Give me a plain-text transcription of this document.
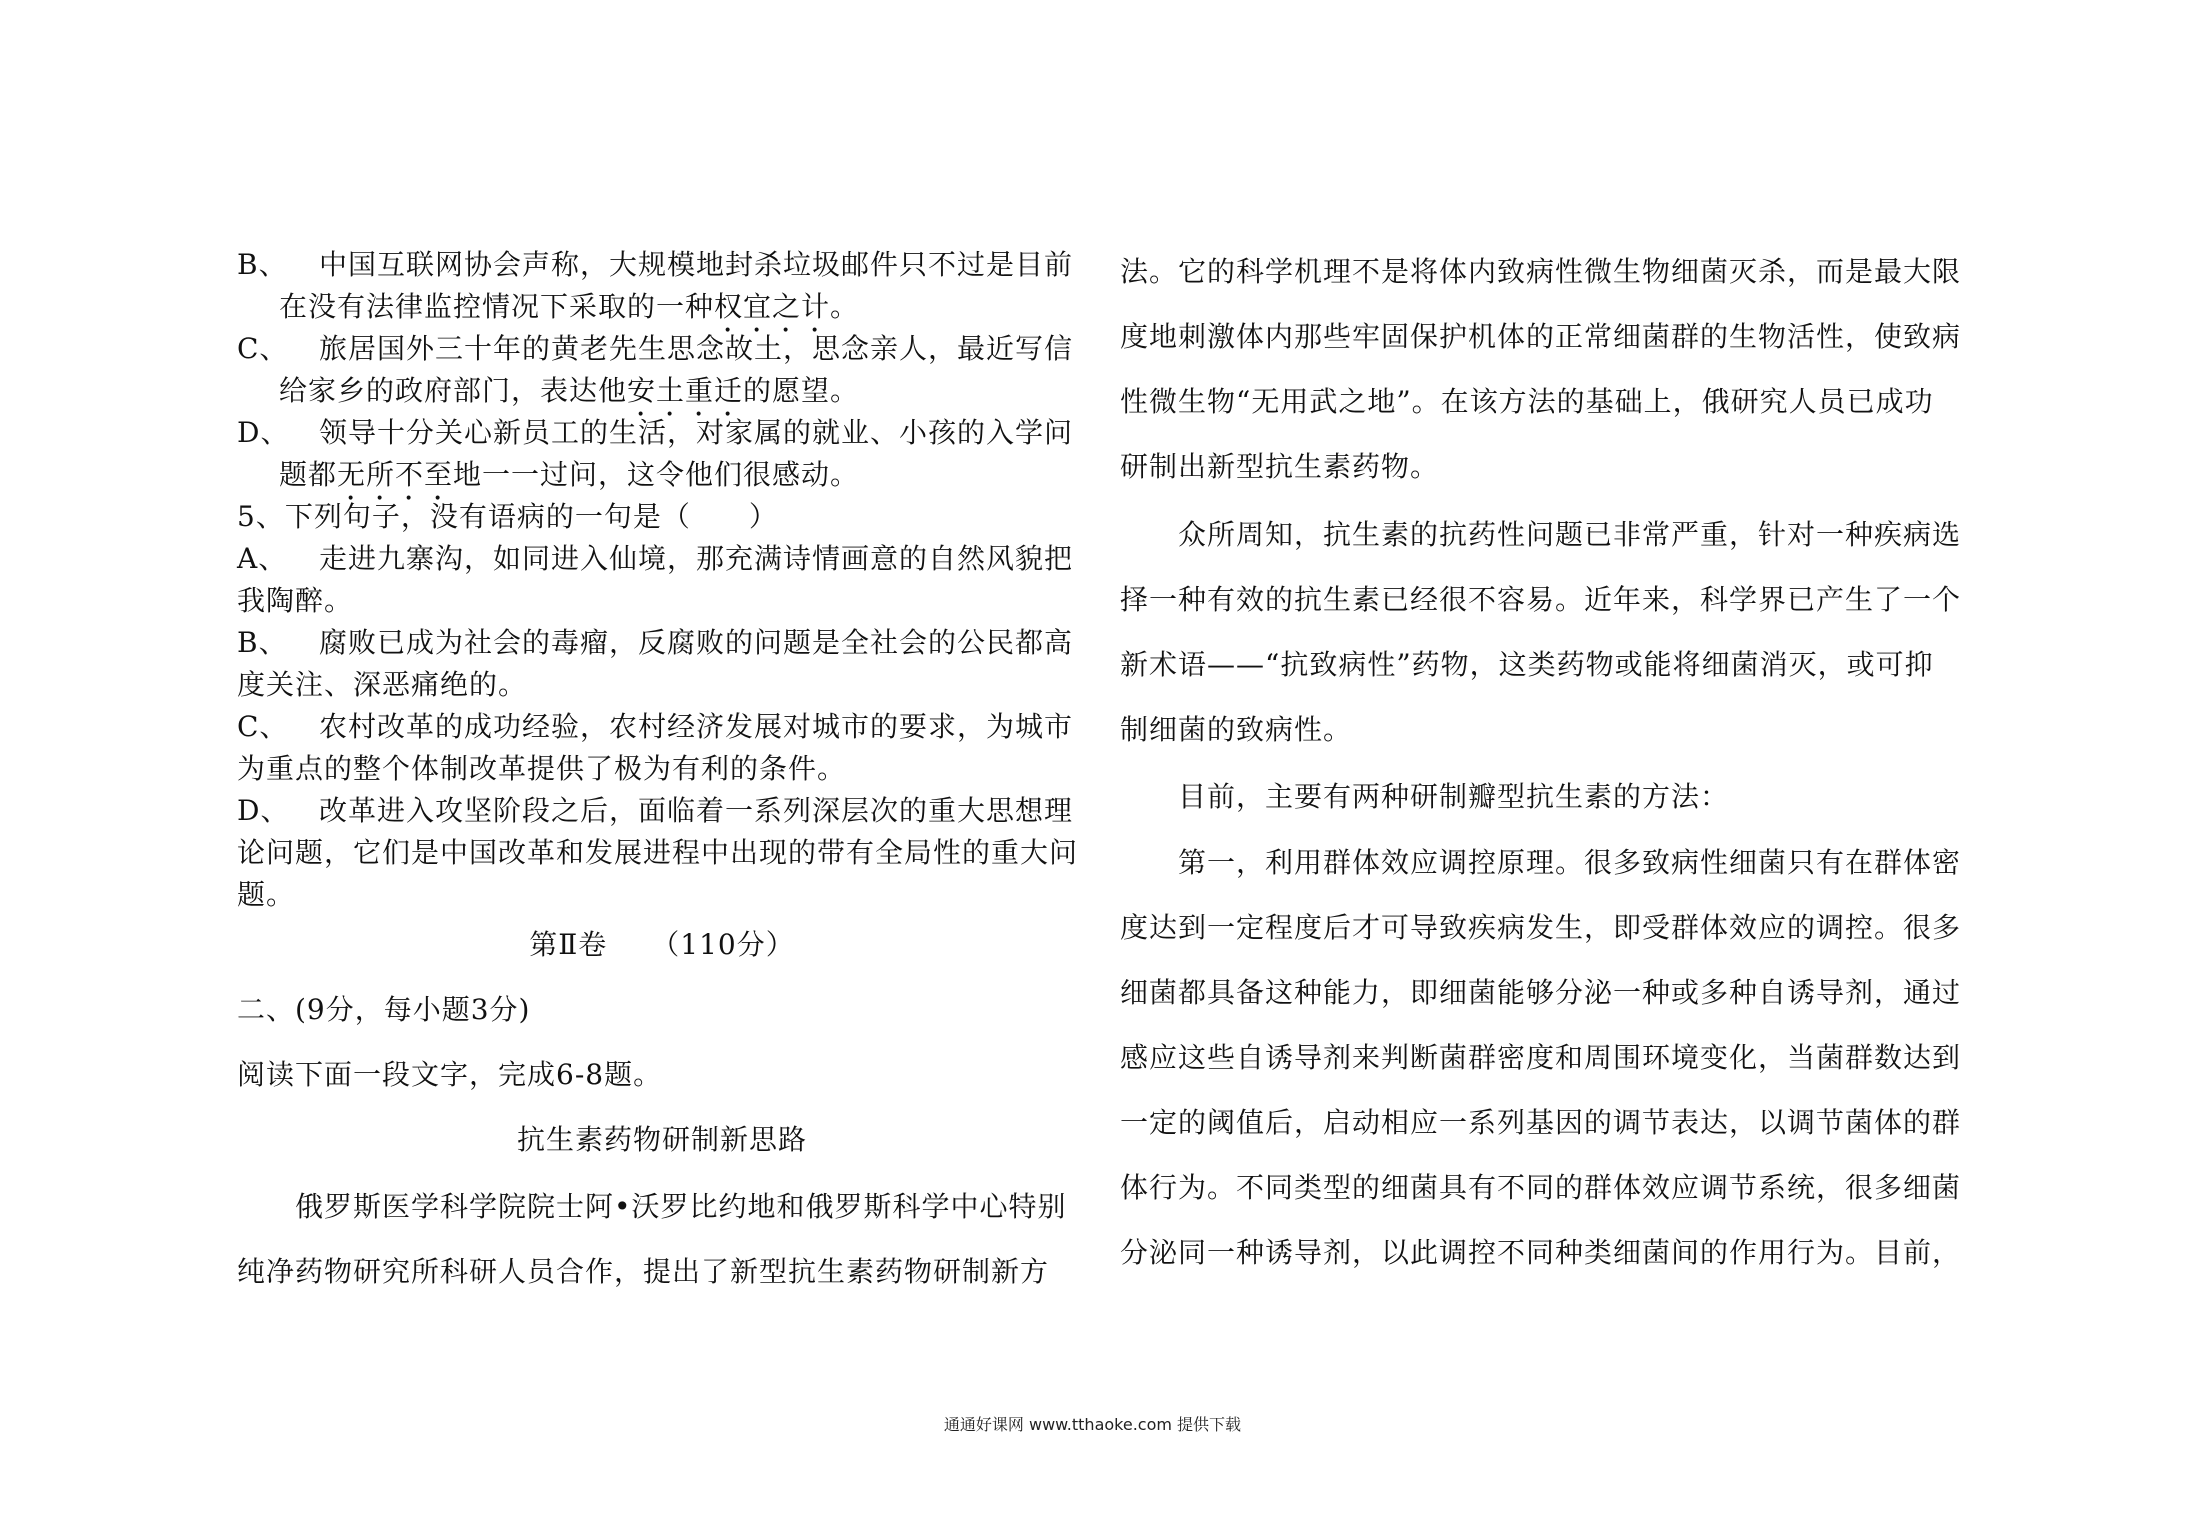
B、 中国互联网协会声称，大规模地封杀垃圾邮件只不过是目前
在没有法律监控情况下采取的一种权宜之计。
C、 旅居国外三十年的黄老先生思念故土，思念亲人，最近写信
给家乡的政府部门，表达他安土重迁的愿望。
D、 领导十分关心新员工的生活，对家属的就业、小孩的入学问
题都无所不至地一一过问，这令他们很感动。
5、下列句子，没有语病的一句是（　　）
A、 走进九寨沟，如同进入仙境，那充满诗情画意的自然风貌把
我陶醉。
B、 腐败已成为社会的毒瘤，反腐败的问题是全社会的公民都高
度关注、深恶痛绝的。
C、 农村改革的成功经验，农村经济发展对城市的要求，为城市
为重点的整个体制改革提供了极为有利的条件。
D、 改革进入攻坚阶段之后，面临着一系列深层次的重大思想理
论问题，它们是中国改革和发展进程中出现的带有全局性的重大问
题。
第Ⅱ卷　　（110分）
二、(9分，每小题3分)
阅读下面一段文字，完成6-8题。
抗生素药物研制新思路
俄罗斯医学科学院院士阿•沃罗比约地和俄罗斯科学中心特别
纯净药物研究所科研人员合作，提出了新型抗生素药物研制新方
法。它的科学机理不是将体内致病性微生物细菌灭杀，而是最大限
度地刺激体内那些牢固保护机体的正常细菌群的生物活性，使致病
性微生物“无用武之地”。在该方法的基础上，俄研究人员已成功
研制出新型抗生素药物。
众所周知，抗生素的抗药性问题已非常严重，针对一种疾病选
择一种有效的抗生素已经很不容易。近年来，科学界已产生了一个
新术语——“抗致病性”药物，这类药物或能将细菌消灭，或可抑
制细菌的致病性。
目前，主要有两种研制瓣型抗生素的方法：
第一，利用群体效应调控原理。很多致病性细菌只有在群体密
度达到一定程度后才可导致疾病发生，即受群体效应的调控。很多
细菌都具备这种能力，即细菌能够分泌一种或多种自诱导剂，通过
感应这些自诱导剂来判断菌群密度和周围环境变化，当菌群数达到
一定的阈值后，启动相应一系列基因的调节表达，以调节菌体的群
体行为。不同类型的细菌具有不同的群体效应调节系统，很多细菌
分泌同一种诱导剂，以此调控不同种类细菌间的作用行为。目前，
通通好课网 www.tthaoke.com 提供下载
